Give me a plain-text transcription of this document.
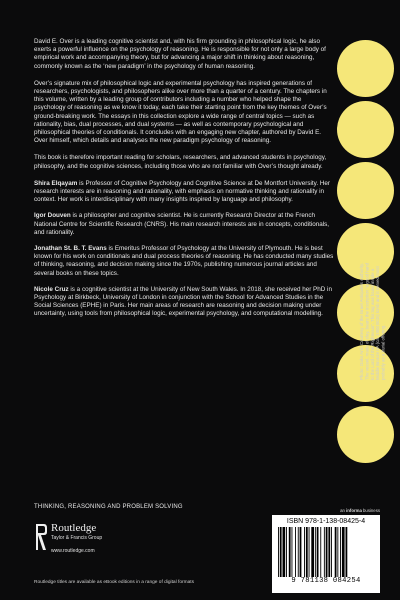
David E. Over is a leading cognitive scientist and, with his firm grounding in philosophical logic, he also exerts a powerful influence on the psychology of reasoning. He is responsible for not only a large body of empirical work and accompanying theory, but for advancing a major shift in thinking about reasoning, commonly known as the ‘new paradigm’ in the psychology of human reasoning.

Over’s signature mix of philosophical logic and experimental psychology has inspired generations of researchers, psychologists, and philosophers alike over more than a quarter of a century. The chapters in this volume, written by a leading group of contributors including a number who helped shape the psychology of reasoning as we know it today, each take their starting point from the key themes of Over’s ground-breaking work. The essays in this collection explore a wide range of central topics — such as rationality, bias, dual processes, and dual systems — as well as contemporary psychological and philosophical theories of conditionals. It concludes with an engaging new chapter, authored by David E. Over himself, which details and analyses the new paradigm psychology of reasoning.

This book is therefore important reading for scholars, researchers, and advanced students in psychology, philosophy, and the cognitive sciences, including those who are not familiar with Over’s thought already.

Shira Elqayam is Professor of Cognitive Psychology and Cognitive Science at De Montfort University. Her research interests are in reasoning and rationality, with emphasis on normative thinking and rationality in context. Her work is interdisciplinary with many insights inspired by language and philosophy.

Igor Douven is a philosopher and cognitive scientist. He is currently Research Director at the French National Centre for Scientific Research (CNRS). His main research interests are in concepts, conditionals, and rationality.

Jonathan St. B. T. Evans is Emeritus Professor of Psychology at the University of Plymouth. He is best known for his work on conditionals and dual process theories of reasoning. He has conducted many studies of thinking, reasoning, and decision making since the 1970s, publishing numerous journal articles and several books on these topics.

Nicole Cruz is a cognitive scientist at the University of New South Wales. In 2018, she received her PhD in Psychology at Birkbeck, University of London in conjunction with the School for Advanced Studies in the Social Sciences (EPHE) in Paris. Her main areas of research are reasoning and decision making under uncertainty, using tools from philosophical logic, experimental psychology, and computational modelling.

THINKING, REASONING AND PROBLEM SOLVING
Photo: Oaks Anil. Courtesy of the Israel Antiquities Authority. The vessel, made of clay, bears the inscription “a good hand to the Lord of the Righteous”. This tag was found inside a Middle Bronze IIA (ca. 1900 BCE) tomb and it served most probably as a burial offering.
Routledge
Taylor & Francis Group
www.routledge.com
Routledge titles are available as eBook editions in a range of digital formats
an informa business
ISBN 978-1-138-08425-4
9 781138 084254
